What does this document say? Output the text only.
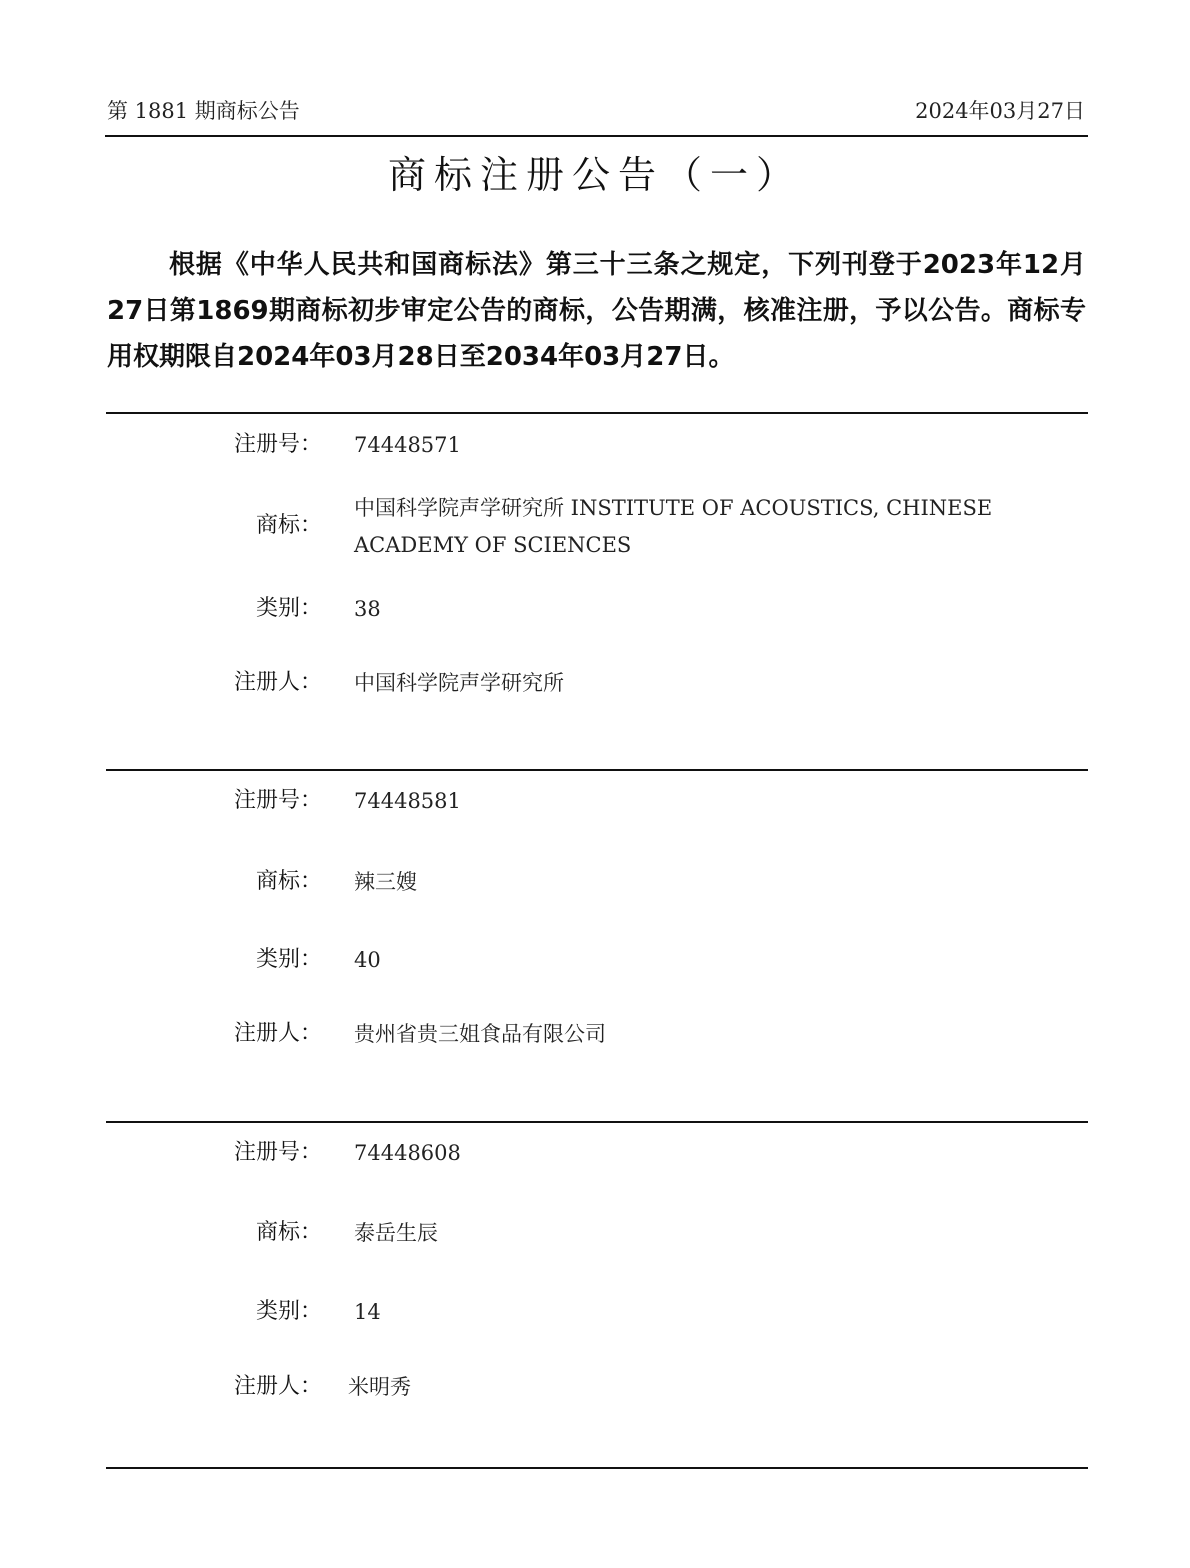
第 1881 期商标公告	2024年03月27日
商标注册公告（一）
根据《中华人民共和国商标法》第三十三条之规定，下列刊登于2023年12月27日第1869期商标初步审定公告的商标，公告期满，核准注册，予以公告。商标专用权期限自2024年03月28日至2034年03月27日。
注册号： 74448571
商标：
中国科学院声学研究所 INSTITUTE OF ACOUSTICS, CHINESE ACADEMY OF SCIENCES
类别： 38
注册人： 中国科学院声学研究所
注册号： 74448581
商标： 辣三嫂
类别： 40
注册人： 贵州省贵三姐食品有限公司
注册号： 74448608
商标： 泰岳生辰
类别： 14
注册人： 米明秀
